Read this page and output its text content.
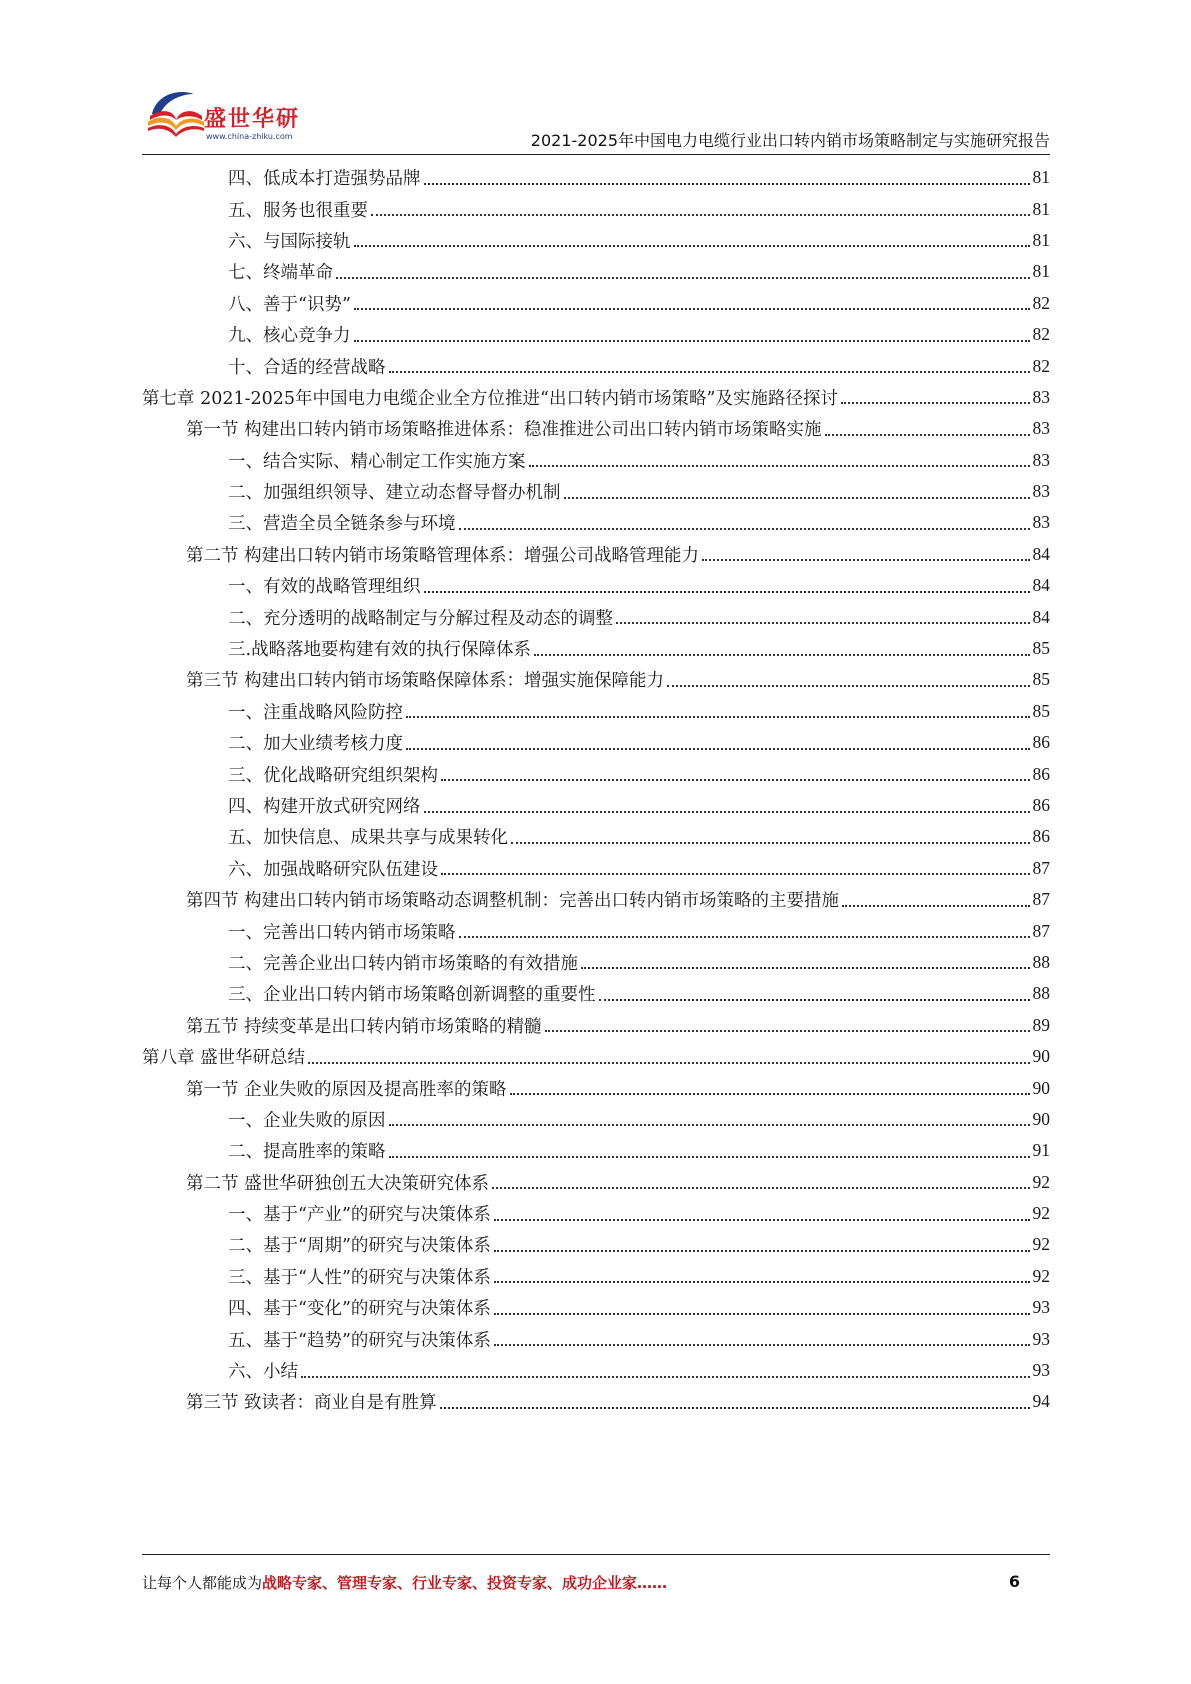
盛世华研
www.china-zhiku.com	2021-2025年中国电力电缆行业出口转内销市场策略制定与实施研究报告
四、低成本打造强势品牌	81
五、服务也很重要	81
六、与国际接轨	81
七、终端革命	81
八、善于“识势”	82
九、核心竞争力	82
十、合适的经营战略	82
第七章 2021-2025年中国电力电缆企业全方位推进“出口转内销市场策略”及实施路径探讨	83
第一节 构建出口转内销市场策略推进体系：稳准推进公司出口转内销市场策略实施	83
一、结合实际、精心制定工作实施方案	83
二、加强组织领导、建立动态督导督办机制	83
三、营造全员全链条参与环境	83
第二节 构建出口转内销市场策略管理体系：增强公司战略管理能力	84
一、有效的战略管理组织	84
二、充分透明的战略制定与分解过程及动态的调整	84
三.战略落地要构建有效的执行保障体系	85
第三节 构建出口转内销市场策略保障体系：增强实施保障能力	85
一、注重战略风险防控	85
二、加大业绩考核力度	86
三、优化战略研究组织架构	86
四、构建开放式研究网络	86
五、加快信息、成果共享与成果转化	86
六、加强战略研究队伍建设	87
第四节 构建出口转内销市场策略动态调整机制：完善出口转内销市场策略的主要措施	87
一、完善出口转内销市场策略	87
二、完善企业出口转内销市场策略的有效措施	88
三、企业出口转内销市场策略创新调整的重要性	88
第五节 持续变革是出口转内销市场策略的精髓	89
第八章 盛世华研总结	90
第一节 企业失败的原因及提高胜率的策略	90
一、企业失败的原因	90
二、提高胜率的策略	91
第二节 盛世华研独创五大决策研究体系	92
一、基于“产业”的研究与决策体系	92
二、基于“周期”的研究与决策体系	92
三、基于“人性”的研究与决策体系	92
四、基于“变化”的研究与决策体系	93
五、基于“趋势”的研究与决策体系	93
六、小结	93
第三节 致读者：商业自是有胜算	94
让每个人都能成为战略专家、管理专家、行业专家、投资专家、成功企业家……	6
